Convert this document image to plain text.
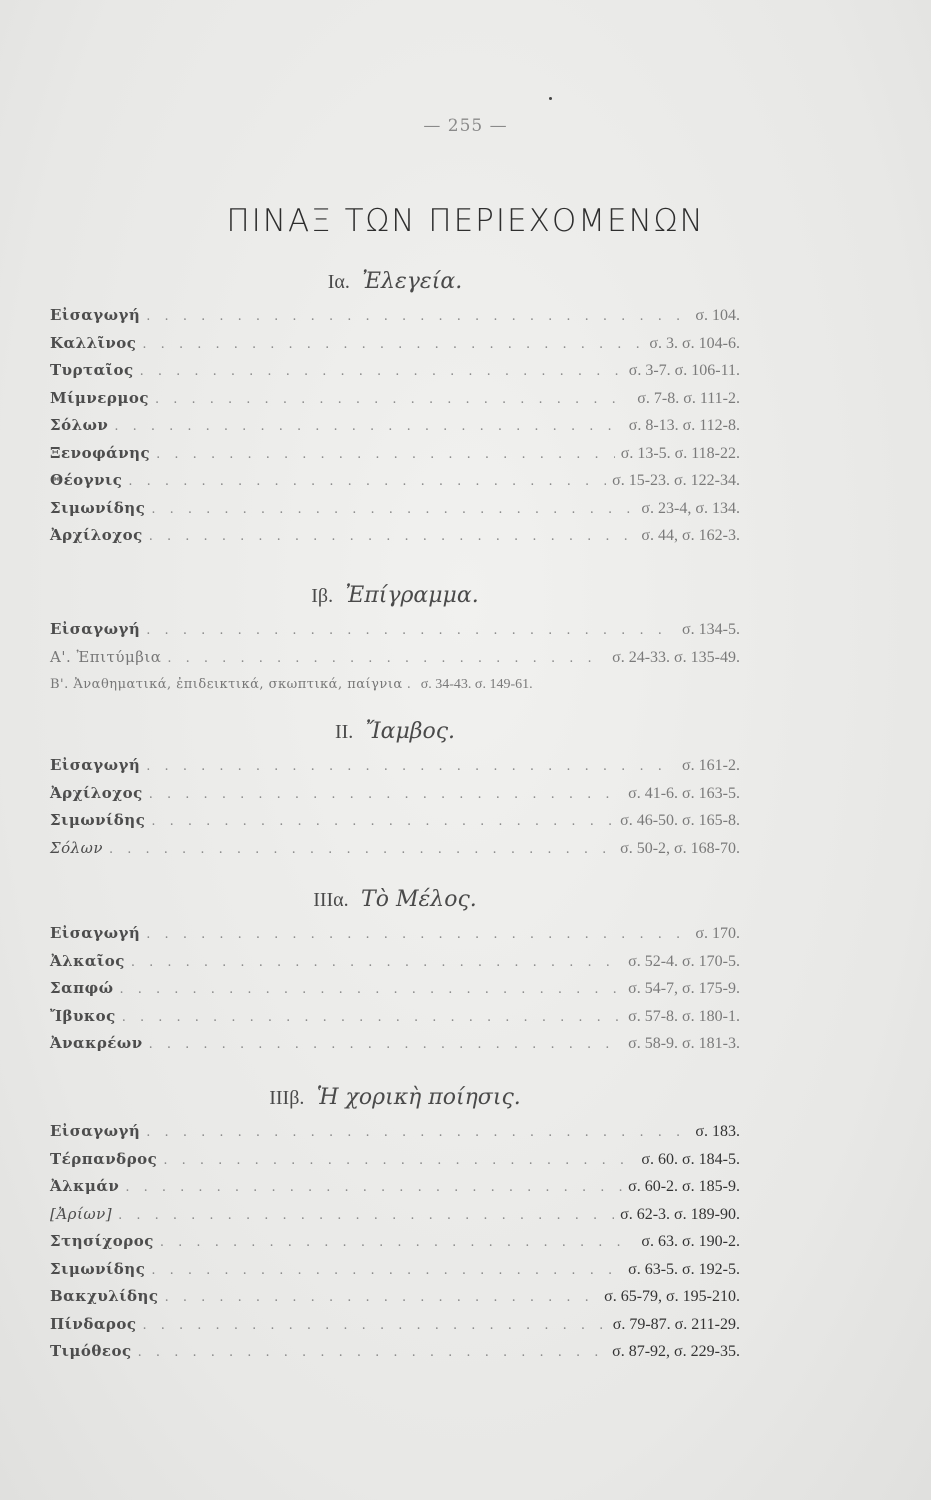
— 255 —
ΠΙΝΑΞ ΤΩΝ ΠΕΡΙΕΧΟΜΕΝΩΝ
Ια. Ἐλεγεία.
Εἰσαγωγή . . .	σ. 104.
Καλλῖνος . . .	σ. 3. σ. 104-6.
Τυρταῖος . . .	σ. 3-7. σ. 106-11.
Μίμνερμος . . .	σ. 7-8. σ. 111-2.
Σόλων . . .	σ. 8-13. σ. 112-8.
Ξενοφάνης . . .	σ. 13-5. σ. 118-22.
Θέογνις . . .	σ. 15-23. σ. 122-34.
Σιμωνίδης . . .	σ. 23-4, σ. 134.
Ἀρχίλοχος . . .	σ. 44, σ. 162-3.
Ιβ. Ἐπίγραμμα.
Εἰσαγωγή . . .	σ. 134-5.
Α'. Ἐπιτύμβια . . .	σ. 24-33. σ. 135-49.
Β'. Ἀναθηματικά, ἐπιδεικτικά, σκωπτικά, παίγνια . . . σ. 34-43. σ. 149-61.
ΙΙ. Ἴαμβος.
Εἰσαγωγή . . .	σ. 161-2.
Ἀρχίλοχος . . .	σ. 41-6. σ. 163-5.
Σιμωνίδης . . .	σ. 46-50. σ. 165-8.
Σόλων . . .	σ. 50-2, σ. 168-70.
ΙΙΙα. Τὸ Μέλος.
Εἰσαγωγή . . .	σ. 170.
Ἀλκαῖος . . .	σ. 52-4. σ. 170-5.
Σαπφώ . . .	σ. 54-7, σ. 175-9.
Ἴβυκος . . .	σ. 57-8. σ. 180-1.
Ἀνακρέων . . .	σ. 58-9. σ. 181-3.
ΙΙΙβ. Ἡ χορικὴ ποίησις.
Εἰσαγωγή . . .	σ. 183.
Τέρπανδρος . . .	σ. 60. σ. 184-5.
Ἀλκμάν . . .	σ. 60-2. σ. 185-9.
[Ἀρίων] . . .	σ. 62-3. σ. 189-90.
Στησίχορος . . .	σ. 63. σ. 190-2.
Σιμωνίδης . . .	σ. 63-5. σ. 192-5.
Βακχυλίδης . . .	σ. 65-79, σ. 195-210.
Πίνδαρος . . .	σ. 79-87. σ. 211-29.
Τιμόθεος . . .	σ. 87-92, σ. 229-35.
